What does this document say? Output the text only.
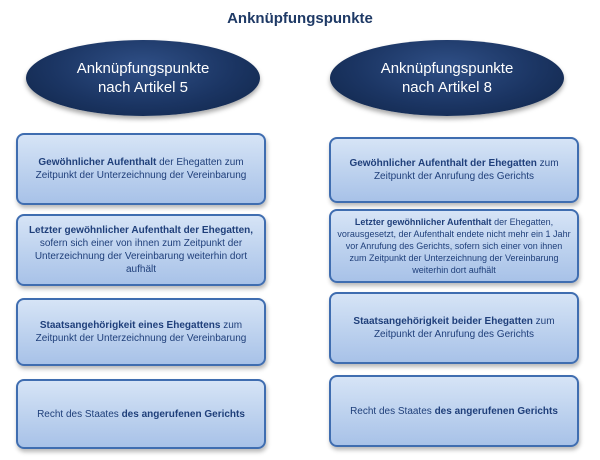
Anknüpfungspunkte
Anknüpfungspunkte
nach Artikel 5
Anknüpfungspunkte
nach Artikel 8

Gewöhnlicher Aufenthalt der Ehegatten zum Zeitpunkt der Unterzeichnung der Vereinbarung

Letzter gewöhnlicher Aufenthalt der Ehegatten, sofern sich einer von ihnen zum Zeitpunkt der Unterzeichnung der Vereinbarung weiterhin dort aufhält

Staatsangehörigkeit eines Ehegattens zum Zeitpunkt der Unterzeichnung der Vereinbarung

Recht des Staates des angerufenen Gerichts

Gewöhnlicher Aufenthalt der Ehegatten zum Zeitpunkt der Anrufung des Gerichts

Letzter gewöhnlicher Aufenthalt der Ehegatten, vorausgesetzt, der Aufenthalt endete nicht mehr ein 1 Jahr vor Anrufung des Gerichts, sofern sich einer von ihnen zum Zeitpunkt der Unterzeichnung der Vereinbarung weiterhin dort aufhält

Staatsangehörigkeit beider Ehegatten zum Zeitpunkt der Anrufung des Gerichts

Recht des Staates des angerufenen Gerichts
